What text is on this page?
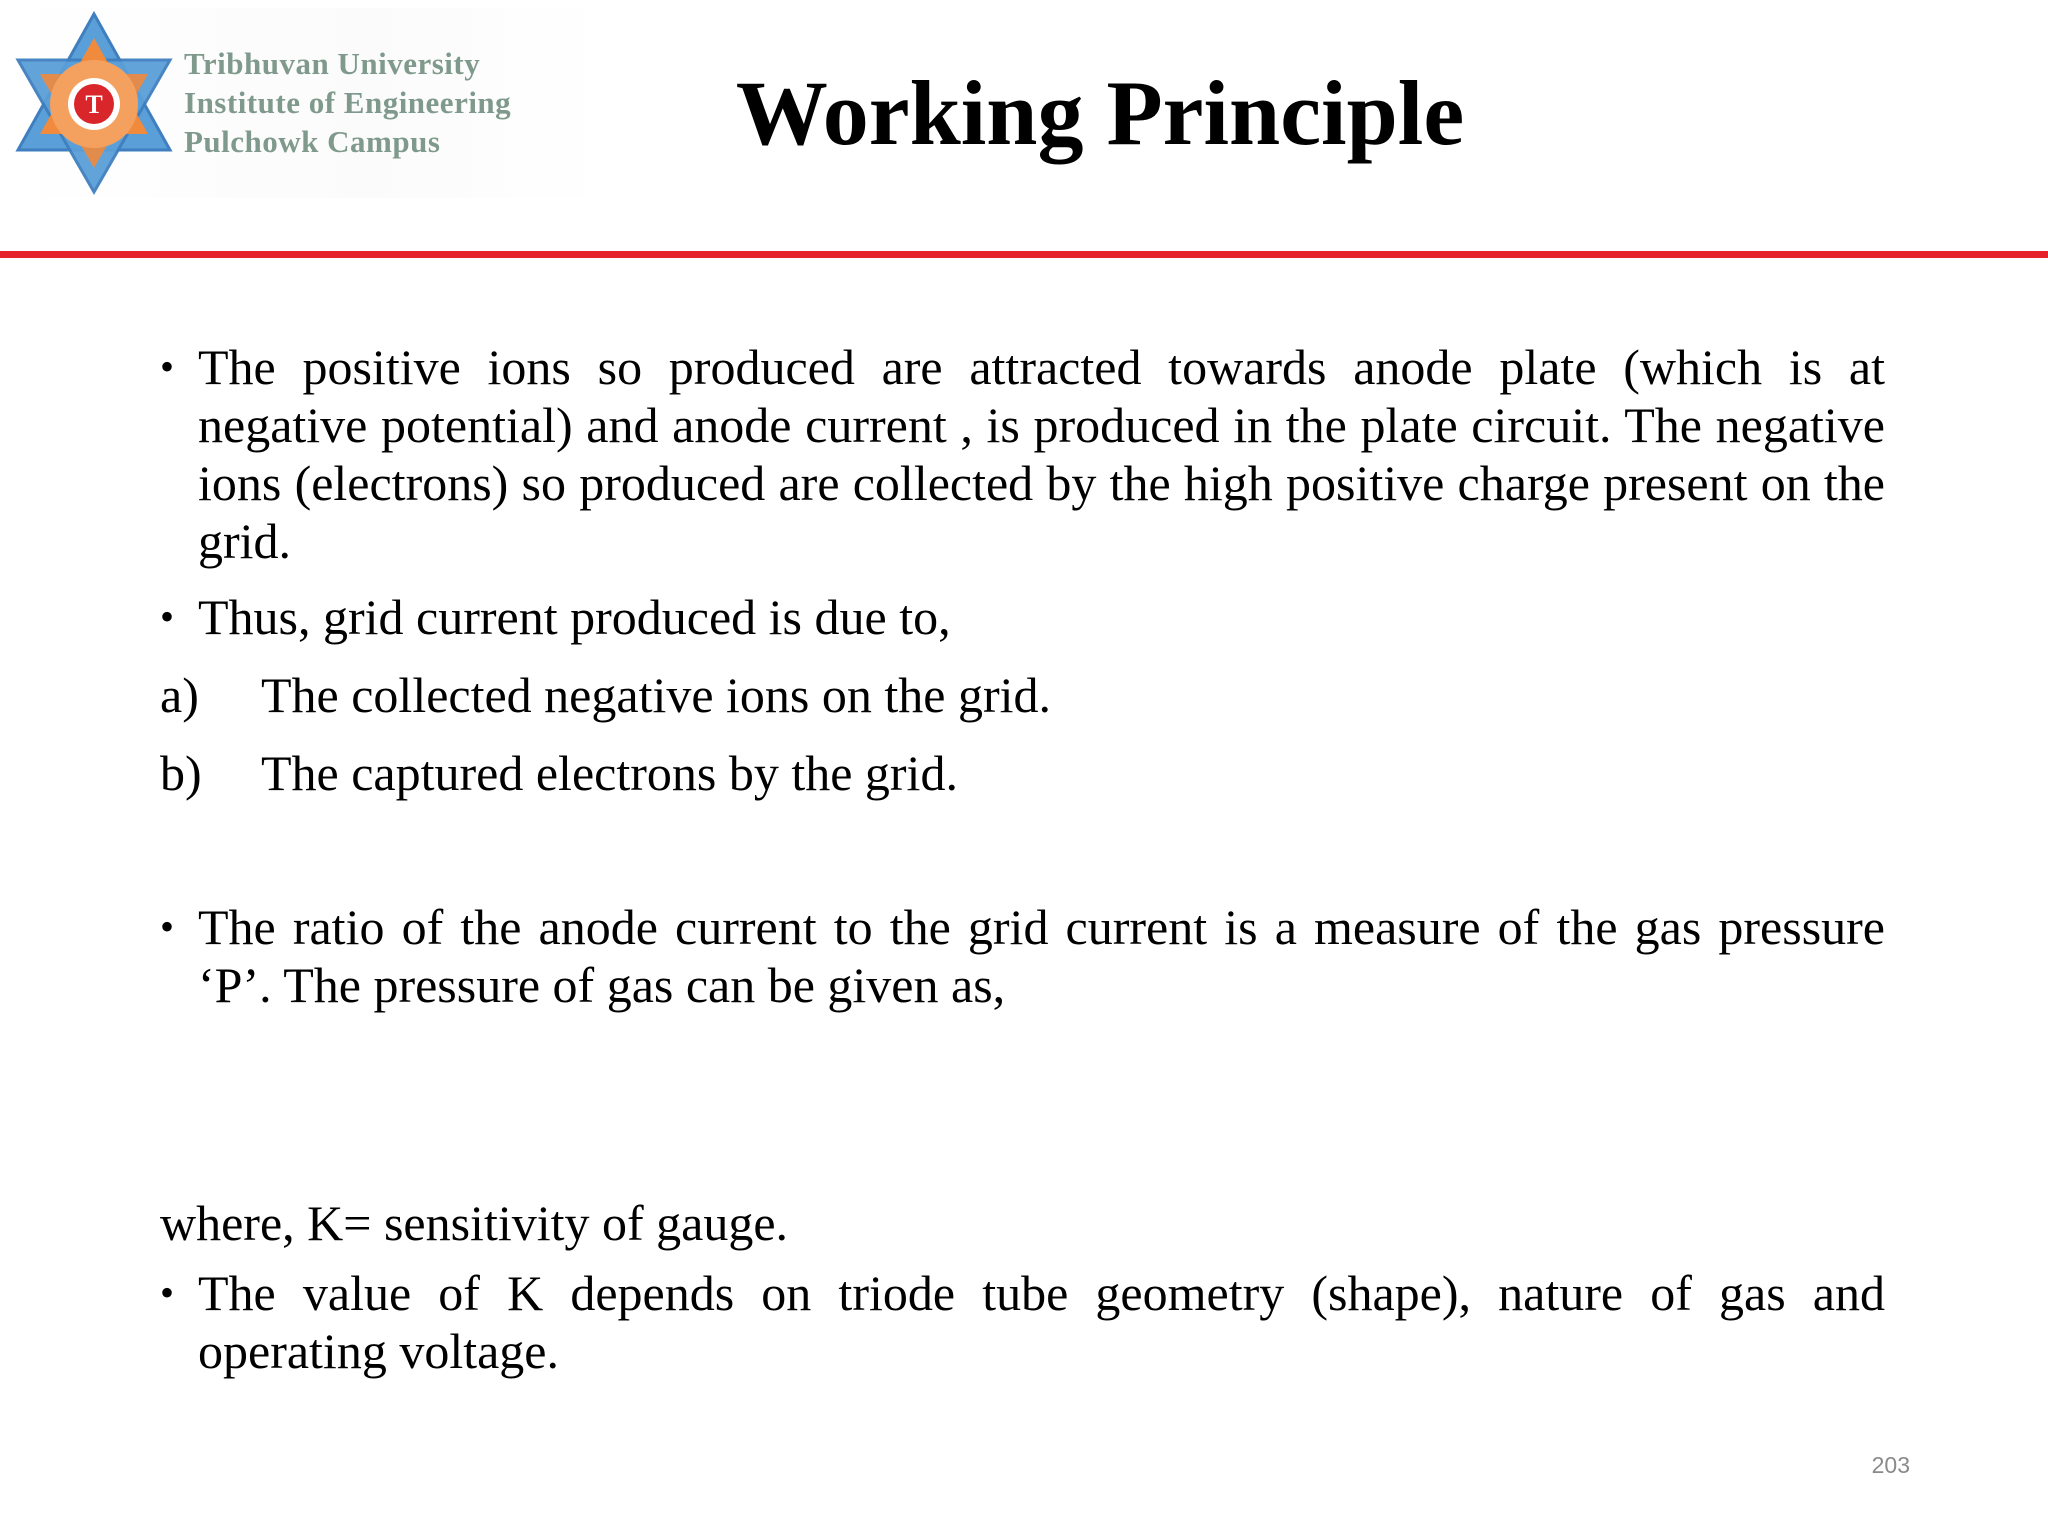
T
Tribhuvan University
Institute of Engineering
Pulchowk Campus	Working Principle
• The positive ions so produced are attracted towards anode plate (which is at negative potential) and anode current , is produced in the plate circuit. The negative ions (electrons) so produced are collected by the high positive charge present on the grid.
• Thus, grid current produced is due to,
a) The collected negative ions on the grid.
b) The captured electrons by the grid.
• The ratio of the anode current to the grid current is a measure of the gas pressure ‘P’. The pressure of gas can be given as,
where, K= sensitivity of gauge.
• The value of K depends on triode tube geometry (shape), nature of gas and operating voltage.
203
